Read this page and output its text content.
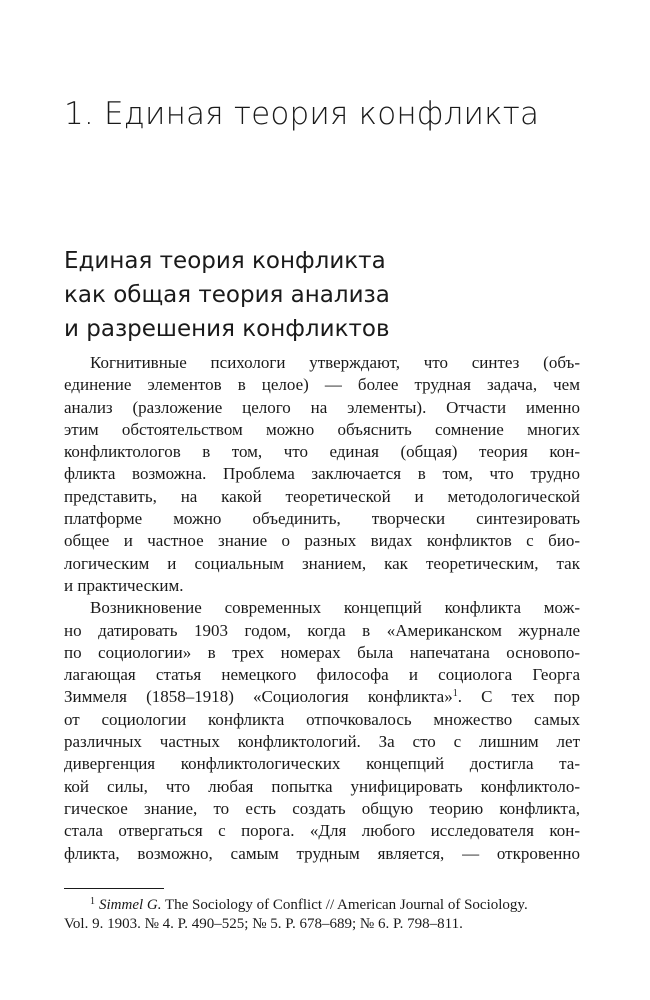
1. Единая теория конфликта
Единая теория конфликта
как общая теория анализа
и разрешения конфликтов
Когнитивные психологи утверждают, что синтез (объ-
единение элементов в целое) — более трудная задача, чем
анализ (разложение целого на элементы). Отчасти именно
этим обстоятельством можно объяснить сомнение многих
конфликтологов в том, что единая (общая) теория кон-
фликта возможна. Проблема заключается в том, что трудно
представить, на какой теоретической и методологической
платформе можно объединить, творчески синтезировать
общее и частное знание о разных видах конфликтов с био-
логическим и социальным знанием, как теоретическим, так
и практическим.
Возникновение современных концепций конфликта мож-
но датировать 1903 годом, когда в «Американском журнале
по социологии» в трех номерах была напечатана основопо-
лагающая статья немецкого философа и социолога Георга
Зиммеля (1858–1918) «Социология конфликта»$^1$. С тех пор
от социологии конфликта отпочковалось множество самых
различных частных конфликтологий. За сто с лишним лет
дивергенция конфликтологических концепций достигла та-
кой силы, что любая попытка унифицировать конфликтоло-
гическое знание, то есть создать общую теорию конфликта,
стала отвергаться с порога. «Для любого исследователя кон-
фликта, возможно, самым трудным является, — откровенно
$^1$ Simmel G. The Sociology of Conflict // American Journal of Sociology.
Vol. 9. 1903. № 4. P. 490–525; № 5. P. 678–689; № 6. P. 798–811.
